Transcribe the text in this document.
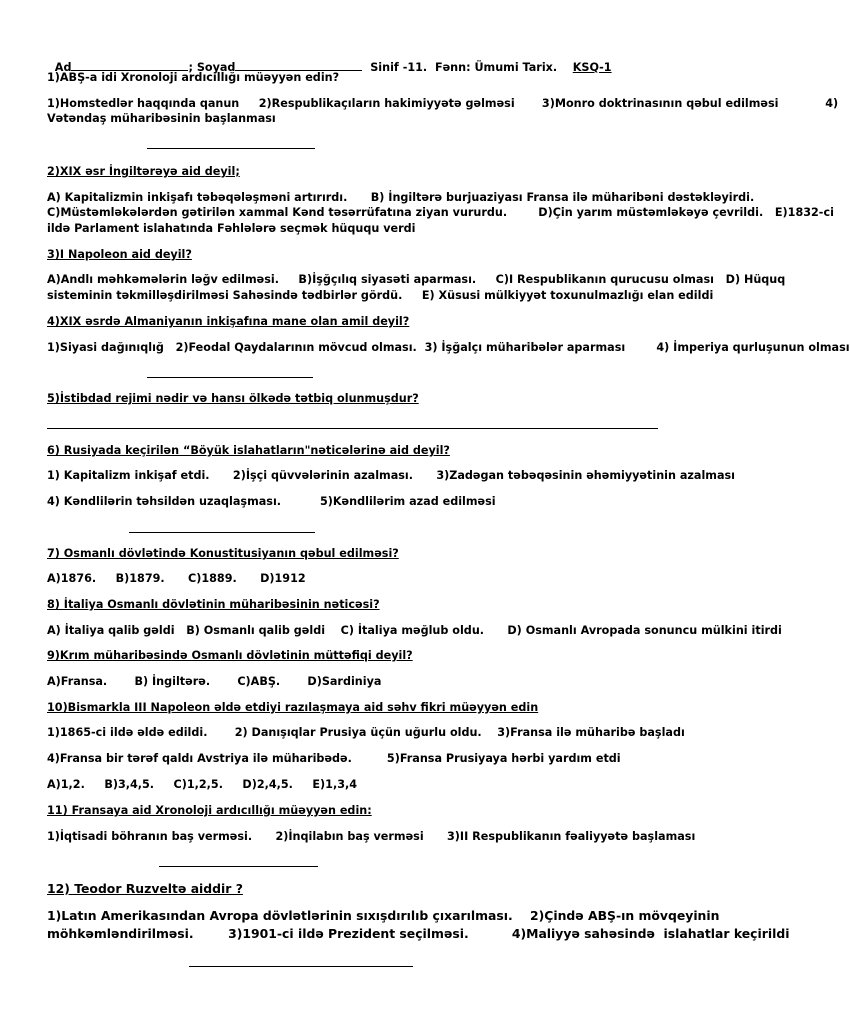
Ad	; Soyad	Sinif -11.  Fənn: Ümumi Tarix. KSQ-1

1)ABŞ-a idi Xronoloji ardıcıllığı müəyyən edin?
1)Homstedlər haqqında qanun     2)Respublikaçıların hakimiyyətə gəlməsi       3)Monro doktrinasının qəbul edilməsi            4)
Vətəndaş müharibəsinin başlanması
2)XIX əsr İngiltərəyə aid deyil;
A) Kapitalizmin inkişafı təbəqələşməni artırırdı.      B) İngiltərə burjuaziyası Fransa ilə müharibəni dəstəkləyirdi.
C)Müstəmləkələrdən gətirilən xammal Kənd təsərrüfatına ziyan vururdu.        D)Çin yarım müstəmləkəyə çevrildi.   E)1832-ci
ildə Parlament islahatında Fəhlələrə seçmək hüququ verdi
3)I Napoleon aid deyil?
A)Andlı məhkəmələrin ləğv edilməsi.     B)İşğçılıq siyasəti aparması.     C)I Respublikanın qurucusu olması   D) Hüquq
sisteminin təkmilləşdirilməsi Sahəsində tədbirlər gördü.     E) Xüsusi mülkiyyət toxunulmazlığı elan edildi
4)XIX əsrdə Almaniyanın inkişafına mane olan amil deyil?
1)Siyasi dağınıqlığ   2)Feodal Qaydalarının mövcud olması.  3) İşğalçı müharibələr aparması        4) İmperiya qurluşunun olması
5)İstibdad rejimi nədir və hansı ölkədə tətbiq olunmuşdur?
6) Rusiyada keçirilən “Böyük islahatların"nəticələrinə aid deyil?
1) Kapitalizm inkişaf etdi.      2)İşçi qüvvələrinin azalması.      3)Zadəgan təbəqəsinin əhəmiyyətinin azalması
4) Kəndlilərin təhsildən uzaqlaşması.          5)Kəndlilərim azad edilməsi
7) Osmanlı dövlətində Konustitusiyanın qəbul edilməsi?
A)1876.     B)1879.      C)1889.      D)1912
8) İtaliya Osmanlı dövlətinin müharibəsinin nəticəsi?
A) İtaliya qalib gəldi   B) Osmanlı qalib gəldi    C) İtaliya məğlub oldu.      D) Osmanlı Avropada sonuncu mülkini itirdi
9)Krım müharibəsində Osmanlı dövlətinin müttəfiqi deyil?
A)Fransa.       B) İngiltərə.       C)ABŞ.       D)Sardiniya
10)Bismarkla III Napoleon əldə etdiyi razılaşmaya aid səhv fikri müəyyən edin
1)1865-ci ildə əldə edildi.       2) Danışıqlar Prusiya üçün uğurlu oldu.    3)Fransa ilə müharibə başladı
4)Fransa bir tərəf qaldı Avstriya ilə müharibədə.         5)Fransa Prusiyaya hərbi yardım etdi
A)1,2.     B)3,4,5.     C)1,2,5.     D)2,4,5.     E)1,3,4
11) Fransaya aid Xronoloji ardıcıllığı müəyyən edin:
1)İqtisadi böhranın baş verməsi.      2)İnqilabın baş verməsi      3)II Respublikanın fəaliyyətə başlaması
12) Teodor Ruzveltə aiddir ?
1)Latın Amerikasından Avropa dövlətlərinin sıxışdırılıb çıxarılması.    2)Çində ABŞ-ın mövqeyinin
möhkəmləndirilməsi.        3)1901-ci ildə Prezident seçilməsi.          4)Maliyyə sahəsində  islahatlar keçirildi
